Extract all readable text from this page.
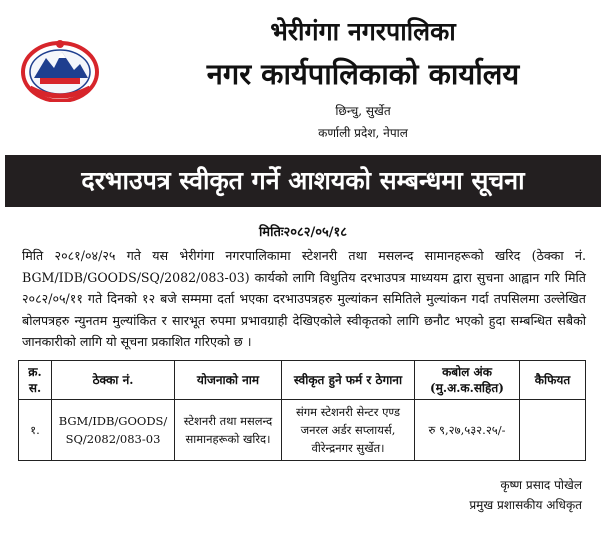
भेरीगंगा नगरपालिका
नगर कार्यपालिकाको कार्यालय
छिन्चु, सुर्खेत
कर्णाली प्रदेश, नेपाल
दरभाउपत्र स्वीकृत गर्ने आशयको सम्बन्धमा सूचना
मितिः२०८२/०५/१८
मिति २०८१/०४/२५ गते यस भेरीगंगा नगरपालिकामा स्टेशनरी तथा मसलन्द सामानहरूको खरिद (ठेक्का नं. BGM/IDB/GOODS/SQ/2082/083-03) कार्यको लागि विधुतिय दरभाउपत्र माध्ययम द्वारा सुचना आह्वान गरि मिति २०८२/०५/११ गते दिनको १२ बजे सम्ममा दर्ता भएका दरभाउपत्रहरु मुल्यांकन समितिले मुल्यांकन गर्दा तपसिलमा उल्लेखित बोलपत्रहरु न्युनतम मुल्यांकित र सारभूत रुपमा प्रभावग्राही देखिएकोले स्वीकृतको लागि छनौट भएको हुदा सम्बन्धित सबैको जानकारीको लागि यो सूचना प्रकाशित गरिएको छ ।
क्र. स.	ठेक्का नं.	योजनाको नाम	स्वीकृत हुने फर्म र ठेगाना	कबोल अंक (मु.अ.क.सहित)	कैफियत
१.	BGM/IDB/GOODS/ SQ/2082/083-03	स्टेशनरी तथा मसलन्द सामानहरूको खरिद।	संगम स्टेशनरी सेन्टर एण्ड जनरल अर्डर सप्लायर्स, वीरेन्द्रनगर सुर्खेत।	रु ९,२७,५३२.२५/-	
कृष्ण प्रसाद पोखेल
प्रमुख प्रशासकीय अधिकृत
